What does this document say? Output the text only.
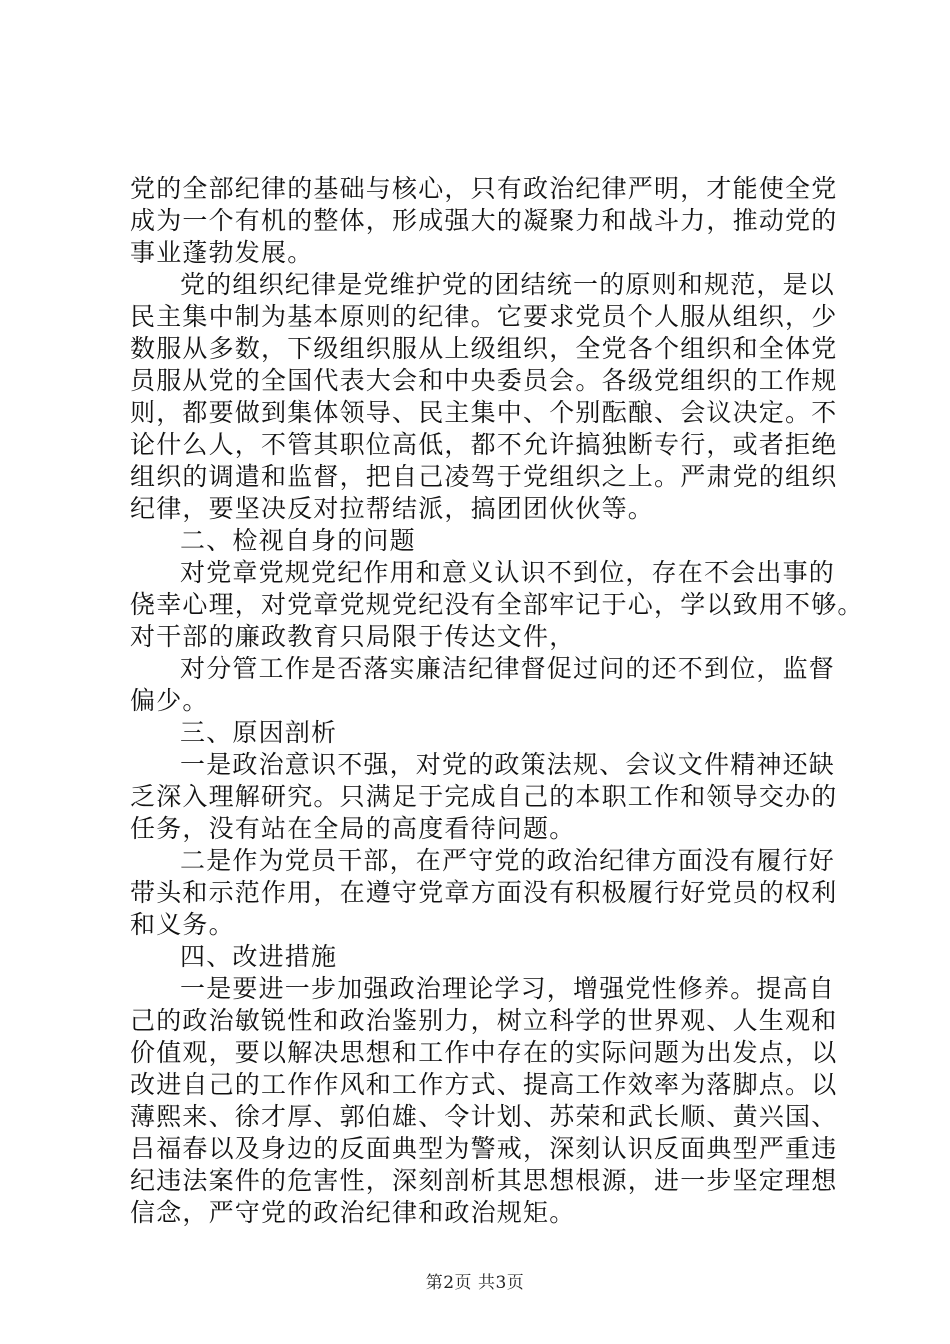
党的全部纪律的基础与核心，只有政治纪律严明，才能使全党
成为一个有机的整体，形成强大的凝聚力和战斗力，推动党的
事业蓬勃发展。
党的组织纪律是党维护党的团结统一的原则和规范，是以
民主集中制为基本原则的纪律。它要求党员个人服从组织，少
数服从多数，下级组织服从上级组织，全党各个组织和全体党
员服从党的全国代表大会和中央委员会。各级党组织的工作规
则，都要做到集体领导、民主集中、个别酝酿、会议决定。不
论什么人，不管其职位高低，都不允许搞独断专行，或者拒绝
组织的调遣和监督，把自己凌驾于党组织之上。严肃党的组织
纪律，要坚决反对拉帮结派，搞团团伙伙等。
二、检视自身的问题
对党章党规党纪作用和意义认识不到位，存在不会出事的
侥幸心理，对党章党规党纪没有全部牢记于心，学以致用不够。
对干部的廉政教育只局限于传达文件，
对分管工作是否落实廉洁纪律督促过问的还不到位，监督
偏少。
三、原因剖析
一是政治意识不强，对党的政策法规、会议文件精神还缺
乏深入理解研究。只满足于完成自己的本职工作和领导交办的
任务，没有站在全局的高度看待问题。
二是作为党员干部，在严守党的政治纪律方面没有履行好
带头和示范作用，在遵守党章方面没有积极履行好党员的权利
和义务。
四、改进措施
一是要进一步加强政治理论学习，增强党性修养。提高自
己的政治敏锐性和政治鉴别力，树立科学的世界观、人生观和
价值观，要以解决思想和工作中存在的实际问题为出发点，以
改进自己的工作作风和工作方式、提高工作效率为落脚点。以
薄熙来、徐才厚、郭伯雄、令计划、苏荣和武长顺、黄兴国、
吕福春以及身边的反面典型为警戒，深刻认识反面典型严重违
纪违法案件的危害性，深刻剖析其思想根源，进一步坚定理想
信念，严守党的政治纪律和政治规矩。
第2页 共3页
